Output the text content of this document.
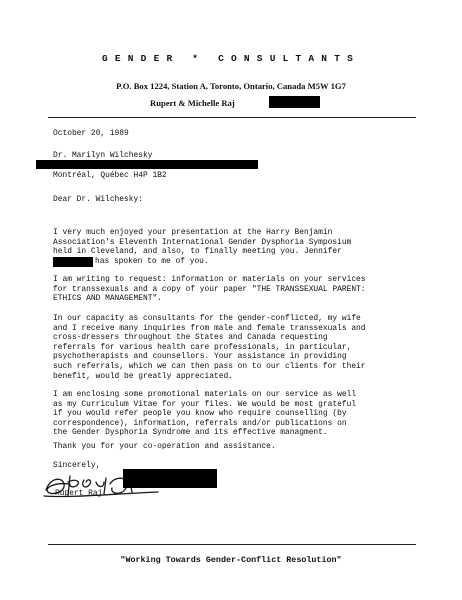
GENDER * CONSULTANTS
P.O. Box 1224, Station A, Toronto, Ontario, Canada M5W 1G7
Rupert & Michelle Raj
October 20, 1989
Dr. Marilyn Wilchesky
Montréal, Québec H4P 1B2
Dear Dr. Wilchesky:
I very much enjoyed your presentation at the Harry Benjamin
Association's Eleventh International Gender Dysphoria Symposium
held in Cleveland, and also, to finally meeting you. Jennifer
has spoken to me of you.
I am writing to request: information or materials on your services
for transsexuals and a copy of your paper "THE TRANSSEXUAL PARENT:
ETHICS AND MANAGEMENT".
In our capacity as consultants for the gender-conflicted, my wife
and I receive many inquiries from male and female transsexuals and
cross-dressers throughout the States and Canada requesting
referrals for various health care professionals, in particular,
psychotherapists and counsellors. Your assistance in providing
such referrals, which we can then pass on to our clients for their
benefit, would be greatly appreciated.
I am enclosing some promotional materials on our service as well
as my Curriculum Vitae for your files. We would be most grateful
if you would refer people you know who require counselling (by
correspondence), information, referrals and/or publications on
the Gender Dysphoria Syndrome and its effective managment.
Thank you for your co-operation and assistance.
Sincerely,
Rupert Raj
"Working Towards Gender-Conflict Resolution"
